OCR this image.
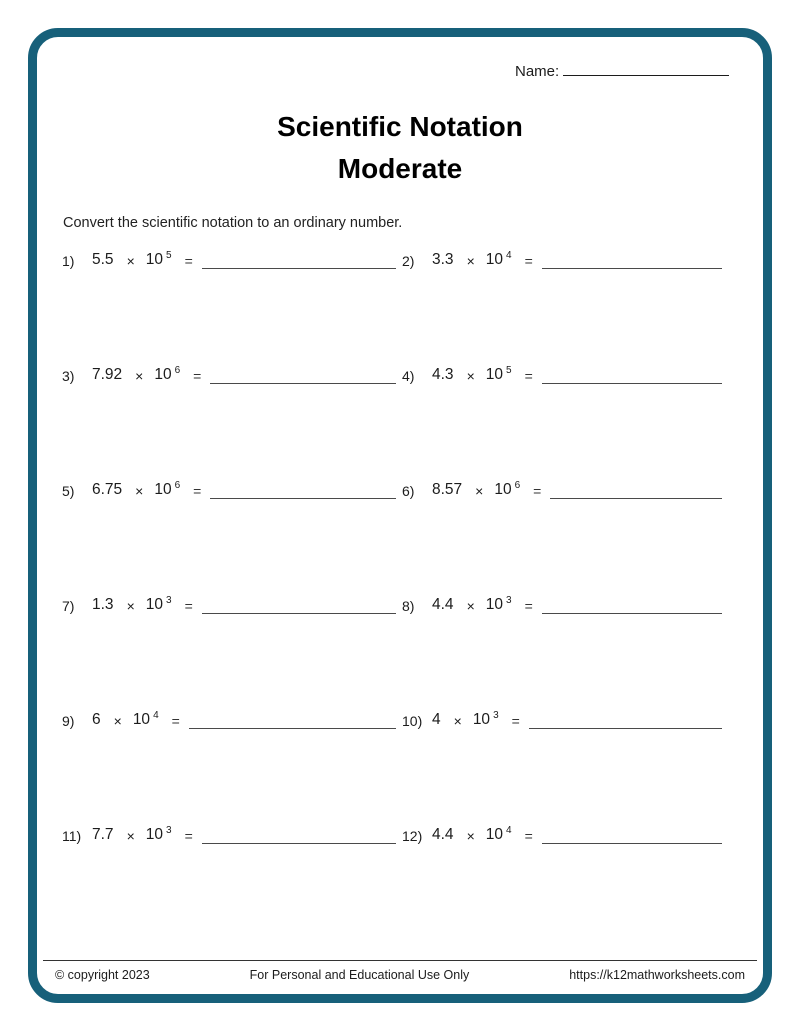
Name:
Scientific Notation
Moderate
Convert the scientific notation to an ordinary number.
1)	5.5 × 10 $^5$ =	2)	3.3 × 10 $^4$ =
3)	7.92 × 10 $^6$ =	4)	4.3 × 10 $^5$ =
5)	6.75 × 10 $^6$ =	6)	8.57 × 10 $^6$ =
7)	1.3 × 10 $^3$ =	8)	4.4 × 10 $^3$ =
9)	6 × 10 $^4$ =	10) 4 × 10 $^3$ =
11) 7.7 × 10 $^3$ =	12) 4.4 × 10 $^4$ =
© copyright 2023	For Personal and Educational Use Only	https://k12mathworksheets.com
